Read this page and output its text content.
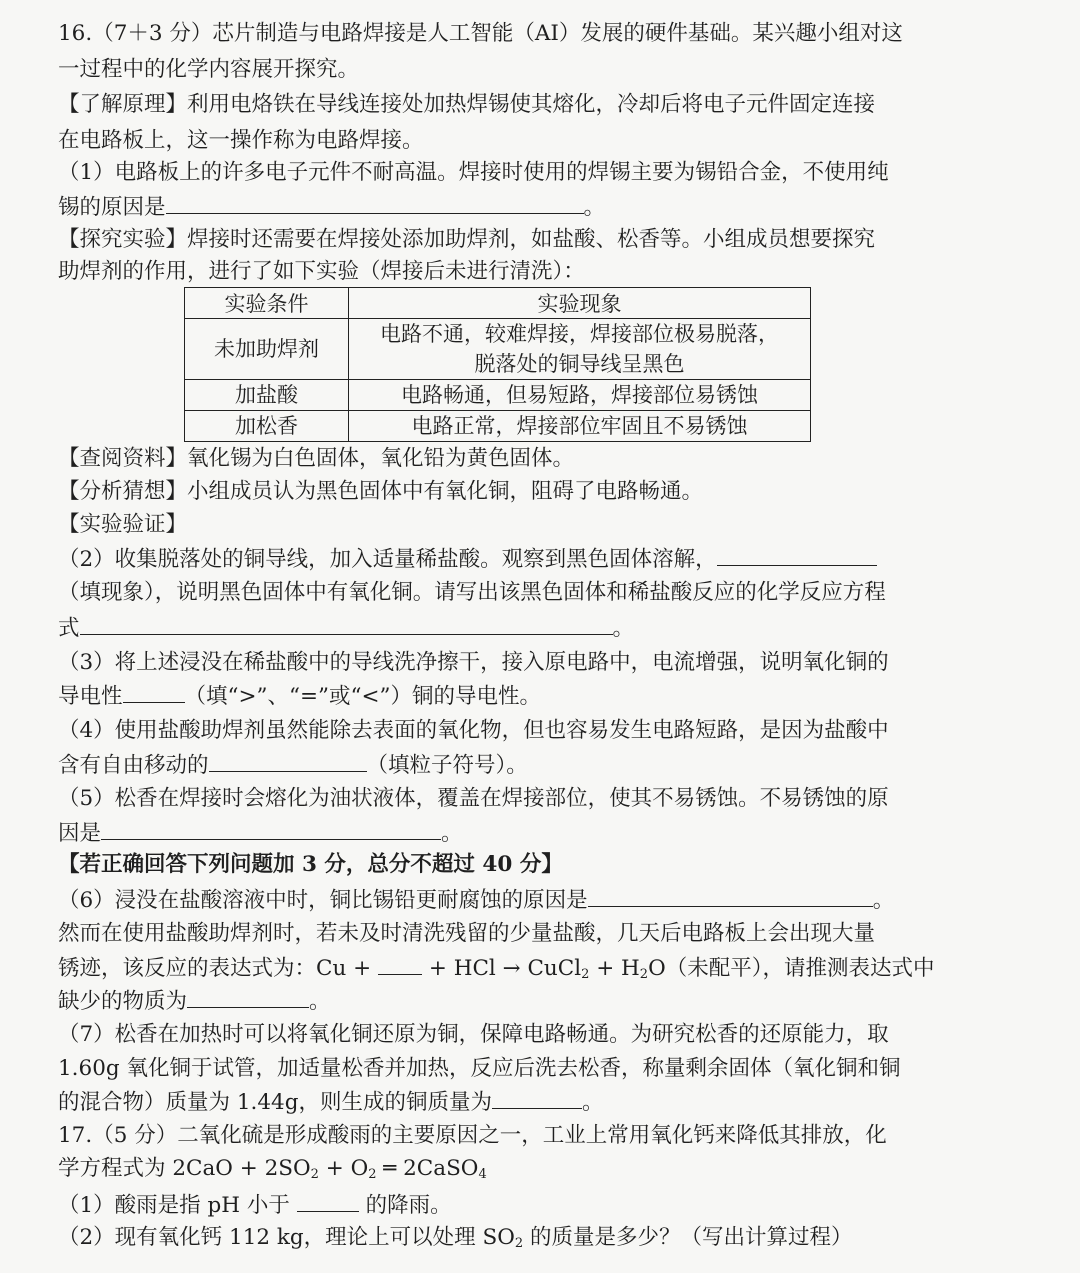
16.（7＋3 分）芯片制造与电路焊接是人工智能（AI）发展的硬件基础。某兴趣小组对这
一过程中的化学内容展开探究。
【了解原理】利用电烙铁在导线连接处加热焊锡使其熔化，冷却后将电子元件固定连接
在电路板上，这一操作称为电路焊接。
（1）电路板上的许多电子元件不耐高温。焊接时使用的焊锡主要为锡铅合金，不使用纯
锡的原因是	。
【探究实验】焊接时还需要在焊接处添加助焊剂，如盐酸、松香等。小组成员想要探究
助焊剂的作用，进行了如下实验（焊接后未进行清洗）：
实验条件	实验现象
未加助焊剂	电路不通，较难焊接，焊接部位极易脱落，
脱落处的铜导线呈黑色

加盐酸	电路畅通，但易短路，焊接部位易锈蚀
加松香	电路正常，焊接部位牢固且不易锈蚀
【查阅资料】氧化锡为白色固体，氧化铅为黄色固体。
【分析猜想】小组成员认为黑色固体中有氧化铜，阻碍了电路畅通。
【实验验证】
（2）收集脱落处的铜导线，加入适量稀盐酸。观察到黑色固体溶解，
（填现象），说明黑色固体中有氧化铜。请写出该黑色固体和稀盐酸反应的化学反应方程
式	。
（3）将上述浸没在稀盐酸中的导线洗净擦干，接入原电路中，电流增强，说明氧化铜的
导电性	（填“>”、“=”或“<”）铜的导电性。
（4）使用盐酸助焊剂虽然能除去表面的氧化物，但也容易发生电路短路，是因为盐酸中
含有自由移动的	（填粒子符号）。
（5）松香在焊接时会熔化为油状液体，覆盖在焊接部位，使其不易锈蚀。不易锈蚀的原
因是	。
【若正确回答下列问题加 3 分，总分不超过 40 分】
（6）浸没在盐酸溶液中时，铜比锡铅更耐腐蚀的原因是	。
然而在使用盐酸助焊剂时，若未及时清洗残留的少量盐酸，几天后电路板上会出现大量
锈迹，该反应的表达式为：Cu +	+ HCl → CuCl$_2$ + $H_2O$（未配平），请推测表达式中
缺少的物质为	。
（7）松香在加热时可以将氧化铜还原为铜，保障电路畅通。为研究松香的还原能力，取
1.60g 氧化铜于试管，加适量松香并加热，反应后洗去松香，称量剩余固体（氧化铜和铜
的混合物）质量为 1.44g，则生成的铜质量为	。
17.（5 分）二氧化硫是形成酸雨的主要原因之一，工业上常用氧化钙来降低其排放，化
学方程式为 $2CaO + 2SO_2 + O_2$ ═ 2CaSO$_4$
（1）酸雨是指 pH 小于	的降雨。
（2）现有氧化钙 112 kg，理论上可以处理 $SO_2$ 的质量是多少？（写出计算过程）
